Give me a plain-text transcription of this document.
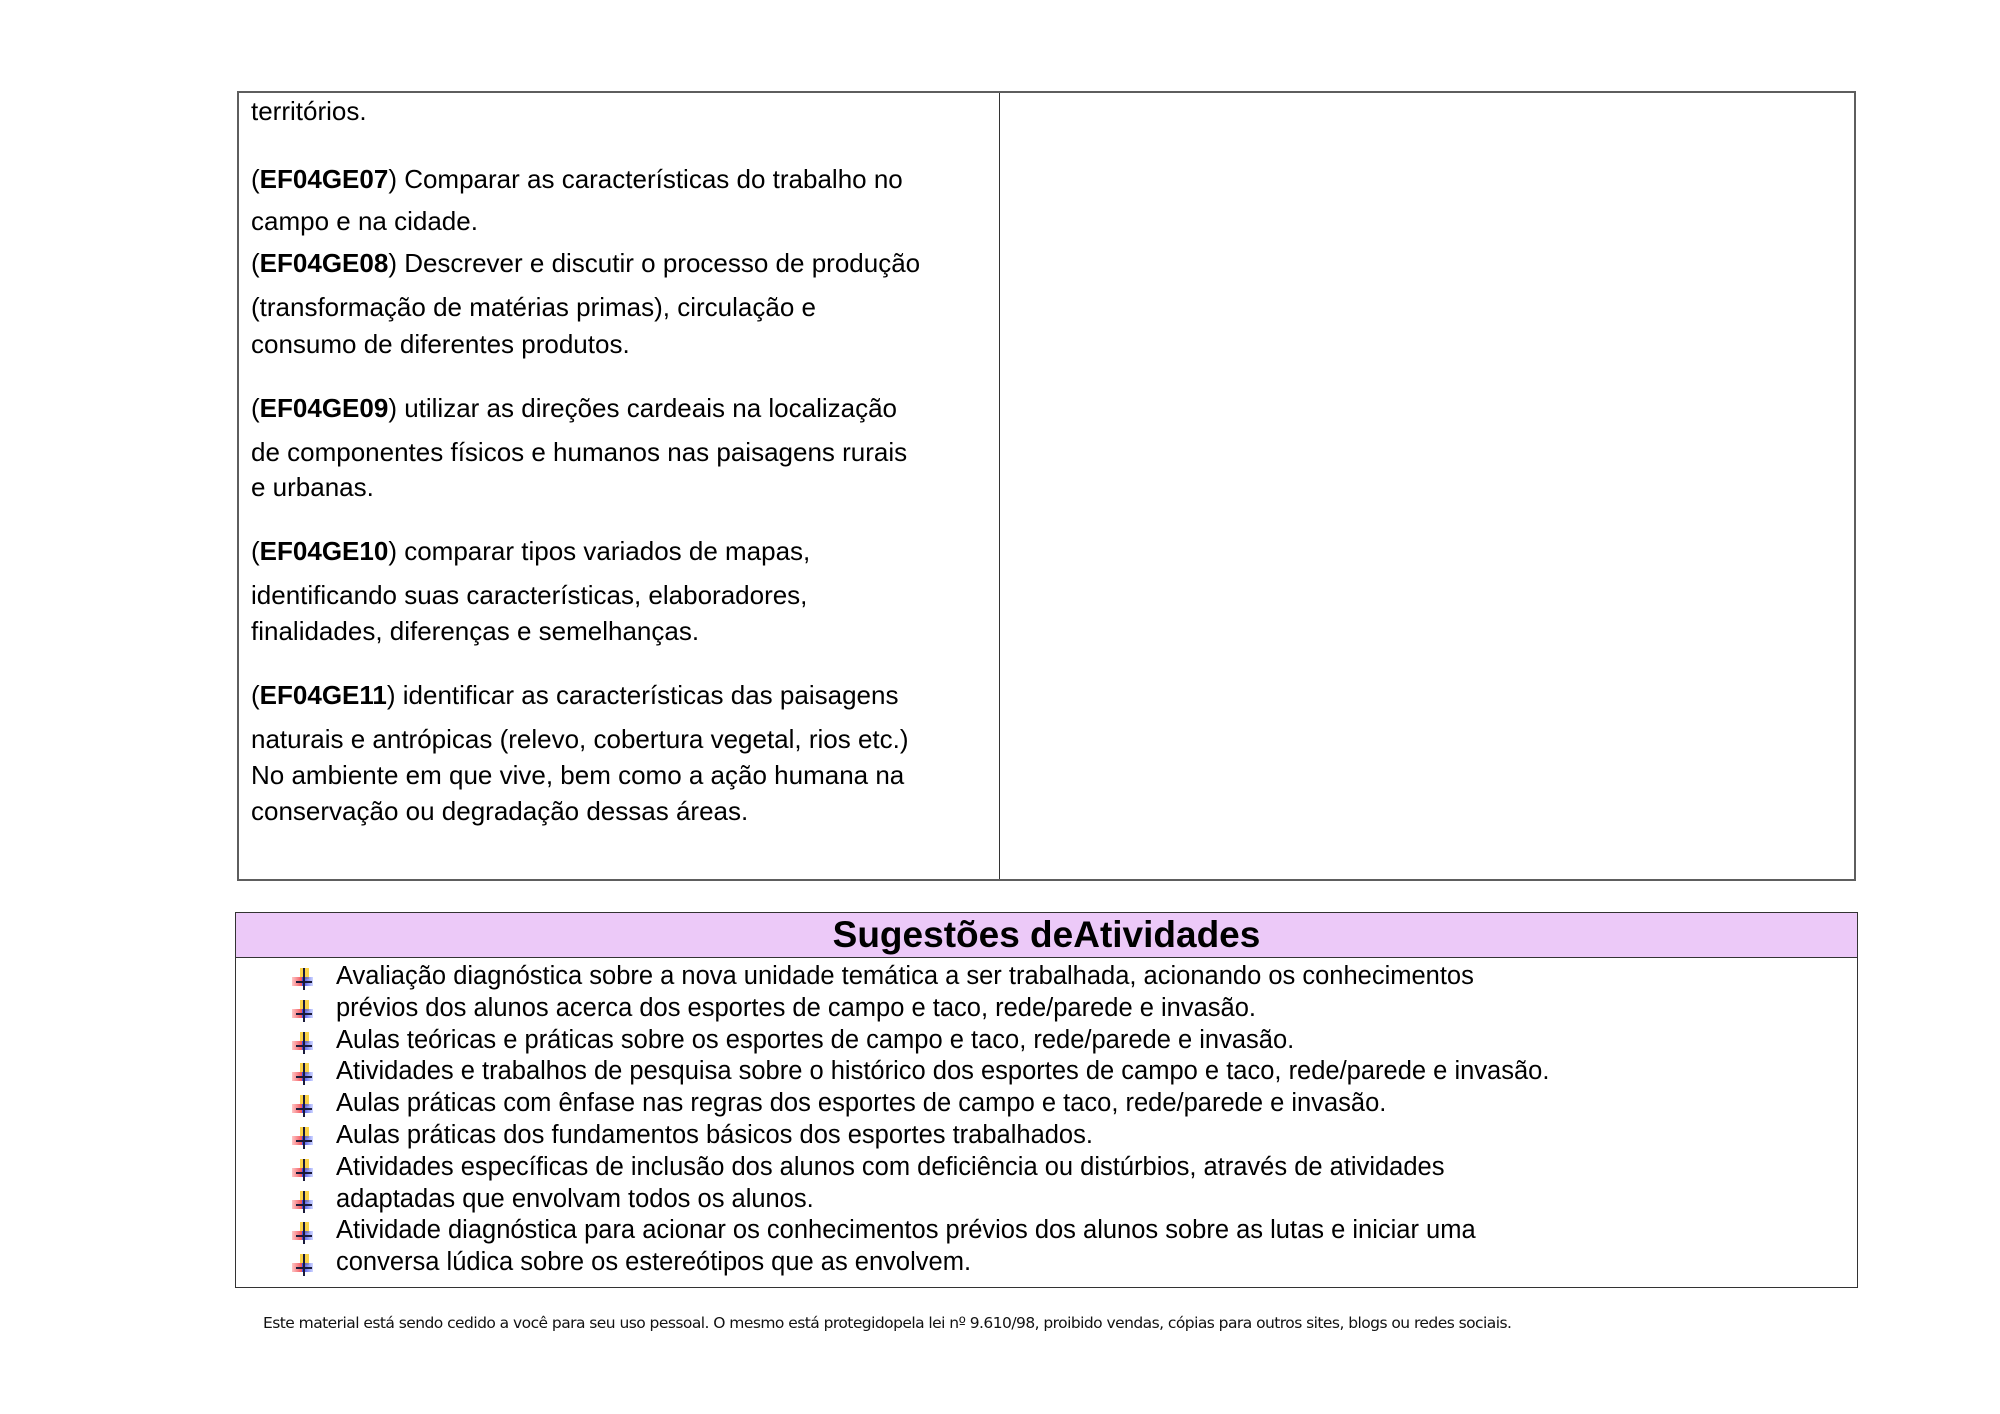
territórios.
(EF04GE07) Comparar as características do trabalho no
campo e na cidade.
(EF04GE08) Descrever e discutir o processo de produção
(transformação de matérias primas), circulação e
consumo de diferentes produtos.
(EF04GE09) utilizar as direções cardeais na localização
de componentes físicos e humanos nas paisagens rurais
e urbanas.
(EF04GE10) comparar tipos variados de mapas,
identificando suas características, elaboradores,
finalidades, diferenças e semelhanças.
(EF04GE11) identificar as características das paisagens
naturais e antrópicas (relevo, cobertura vegetal, rios etc.)
No ambiente em que vive, bem como a ação humana na
conservação ou degradação dessas áreas.
Sugestões deAtividades
Avaliação diagnóstica sobre a nova unidade temática a ser trabalhada, acionando os conhecimentos
prévios dos alunos acerca dos esportes de campo e taco, rede/parede e invasão.
Aulas teóricas e práticas sobre os esportes de campo e taco, rede/parede e invasão.
Atividades e trabalhos de pesquisa sobre o histórico dos esportes de campo e taco, rede/parede e invasão.
Aulas práticas com ênfase nas regras dos esportes de campo e taco, rede/parede e invasão.
Aulas práticas dos fundamentos básicos dos esportes trabalhados.
Atividades específicas de inclusão dos alunos com deficiência ou distúrbios, através de atividades
adaptadas que envolvam todos os alunos.
Atividade diagnóstica para acionar os conhecimentos prévios dos alunos sobre as lutas e iniciar uma
conversa lúdica sobre os estereótipos que as envolvem.
Este material está sendo cedido a você para seu uso pessoal. O mesmo está protegidopela lei nº 9.610/98, proibido vendas, cópias para outros sites, blogs ou redes sociais.
